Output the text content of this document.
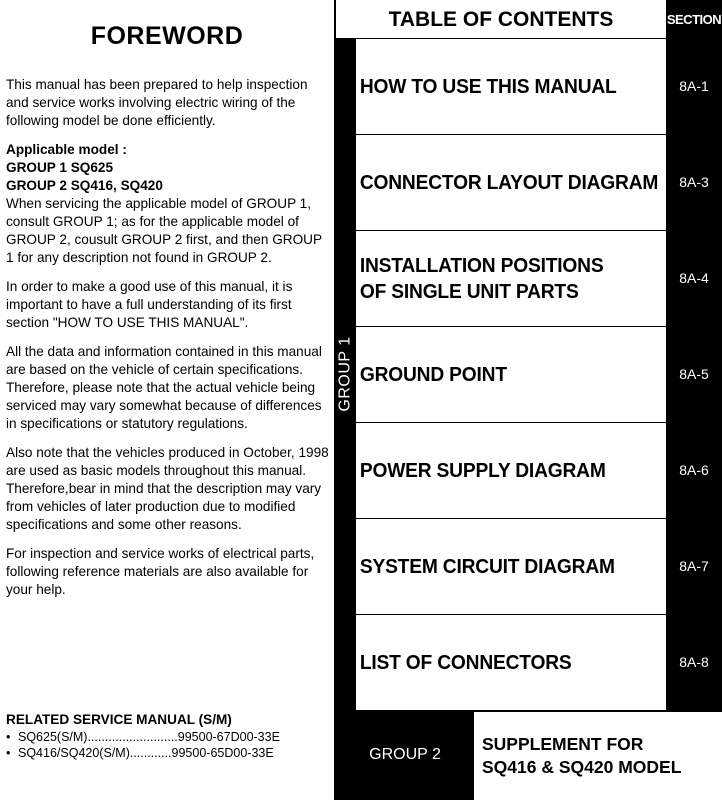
FOREWORD

This manual has been prepared to help inspection and service works involving electric wiring of the following model be done efficiently.

Applicable model :
GROUP 1 SQ625
GROUP 2 SQ416, SQ420
When servicing the applicable model of GROUP 1, consult GROUP 1; as for the applicable model of GROUP 2, cousult GROUP 2 first, and then GROUP 1 for any description not found in GROUP 2.

In order to make a good use of this manual, it is important to have a full understanding of its first section "HOW TO USE THIS MANUAL".

All the data and information contained in this manual are based on the vehicle of certain specifications. Therefore, please note that the actual vehicle being serviced may vary somewhat because of differences in specifications or statutory regulations.

Also note that the vehicles produced in October, 1998 are used as basic models throughout this manual. Therefore,bear in mind that the description may vary from vehicles of later production due to modified specifications and some other reasons.

For inspection and service works of electrical parts, following reference materials are also available for your help.

RELATED SERVICE MANUAL (S/M)
• SQ625(S/M)..........................99500-67D00-33E
• SQ416/SQ420(S/M)............99500-65D00-33E
TABLE OF CONTENTS	SECTION
GROUP 1
HOW TO USE THIS MANUAL	8A-1
CONNECTOR LAYOUT DIAGRAM	8A-3
INSTALLATION POSITIONS
OF SINGLE UNIT PARTS
8A-4
GROUND POINT	8A-5
POWER SUPPLY DIAGRAM	8A-6
SYSTEM CIRCUIT DIAGRAM	8A-7
LIST OF CONNECTORS	8A-8
GROUP 2
SUPPLEMENT FOR
SQ416 & SQ420 MODEL
